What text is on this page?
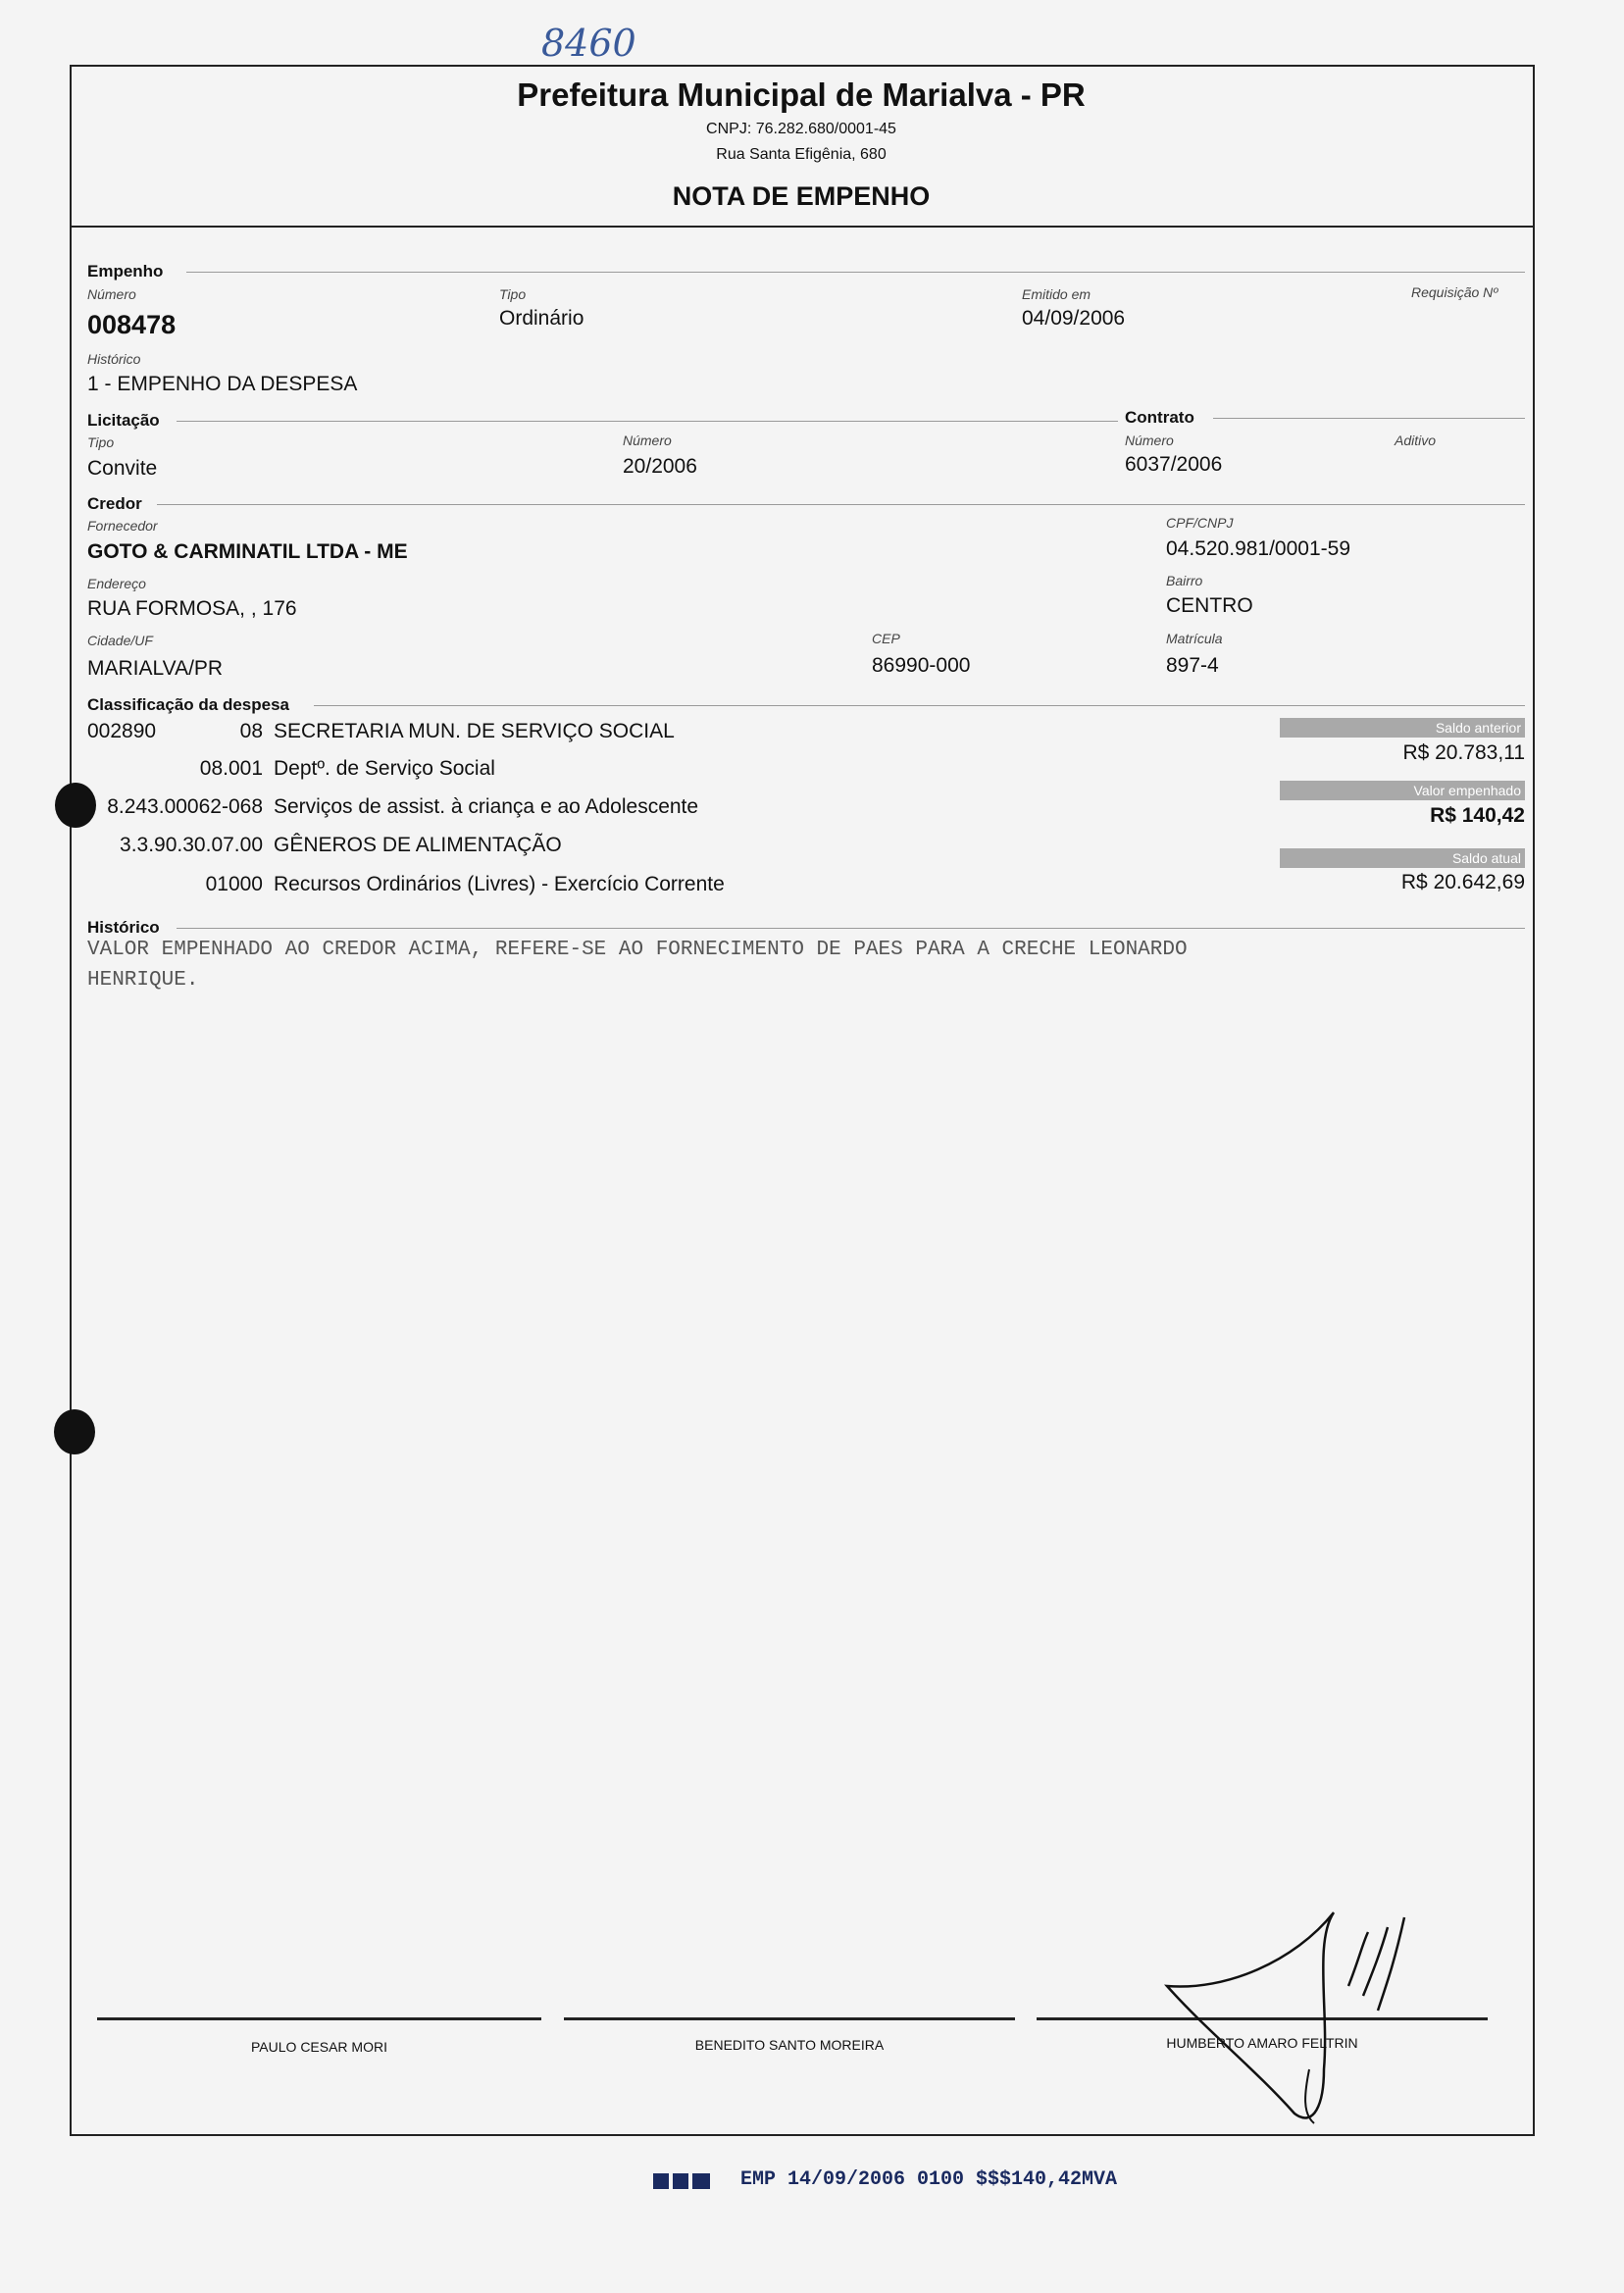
8460
Prefeitura Municipal de Marialva - PR
CNPJ: 76.282.680/0001-45
Rua Santa Efigênia, 680
NOTA DE EMPENHO
Empenho
Número
008478
Tipo
Ordinário
Emitido em
04/09/2006
Requisição Nº
Histórico
1 - EMPENHO DA DESPESA
Licitação	Contrato
Tipo
Convite
Número
20/2006
Número
6037/2006
Aditivo
Credor
Fornecedor
GOTO & CARMINATIL LTDA - ME
CPF/CNPJ
04.520.981/0001-59
Endereço
RUA FORMOSA, , 176
Bairro
CENTRO
Cidade/UF
MARIALVA/PR
CEP
86990-000
Matrícula
897-4
Classificação da despesa
002890	08 SECRETARIA MUN. DE SERVIÇO SOCIAL
08.001 Deptº. de Serviço Social
8.243.00062-068 Serviços de assist. à criança e ao Adolescente
3.3.90.30.07.00 GÊNEROS DE ALIMENTAÇÃO
01000 Recursos Ordinários (Livres) - Exercício Corrente
Saldo anterior
R$ 20.783,11
Valor empenhado
R$ 140,42
Saldo atual
R$ 20.642,69
Histórico
VALOR EMPENHADO AO CREDOR ACIMA, REFERE-SE AO FORNECIMENTO DE PAES PARA A CRECHE LEONARDO
HENRIQUE.
PAULO CESAR MORI	BENEDITO SANTO MOREIRA	HUMBERTO AMARO FELTRIN
EMP 14/09/2006 0100 $$$140,42MVA
